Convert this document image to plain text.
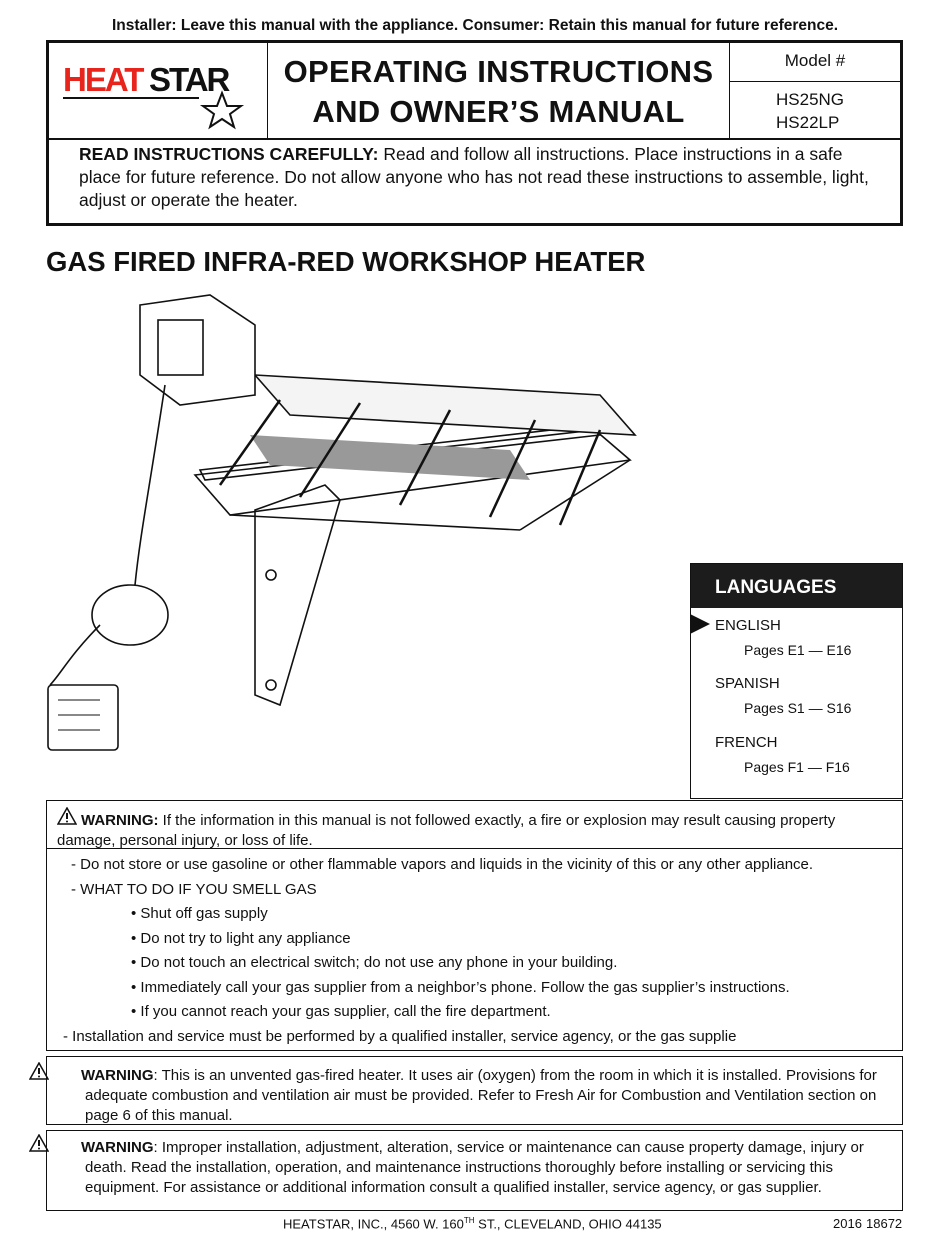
Installer: Leave this manual with the appliance. Consumer: Retain this manual for future reference.
HEAT STAR	OPERATING INSTRUCTIONS
AND OWNER’S MANUAL
Model #
HS25NG
HS22LP
READ INSTRUCTIONS CAREFULLY: Read and follow all instructions. Place instructions in a safe place for future reference. Do not allow anyone who has not read these instructions to assemble, light, adjust or operate the heater.
GAS FIRED INFRA-RED WORKSHOP HEATER
LANGUAGES
ENGLISH
Pages E1 — E16
SPANISH
Pages S1 — S16
FRENCH
Pages F1 — F16
WARNING: If the information in this manual is not followed exactly, a fire or explosion may result causing property damage, personal injury, or loss of life.
- Do not store or use gasoline or other flammable vapors and liquids in the vicinity of this or any other appliance.
- WHAT TO DO IF YOU SMELL GAS
• Shut off gas supply
• Do not try to light any appliance
• Do not touch an electrical switch; do not use any phone in your building.
• Immediately call your gas supplier from a neighbor’s phone. Follow the gas supplier’s instructions.
• If you cannot reach your gas supplier, call the fire department.
- Installation and service must be performed by a qualified installer, service agency, or the gas supplie
WARNING: This is an unvented gas-fired heater. It uses air (oxygen) from the room in which it is installed. Provisions for adequate combustion and ventilation air must be provided. Refer to Fresh Air for Combustion and Ventilation section on page 6 of this manual.
WARNING: Improper installation, adjustment, alteration, service or maintenance can cause property damage, injury or death. Read the installation, operation, and maintenance instructions thoroughly before installing or servicing this equipment. For assistance or additional information consult a qualified installer, service agency, or gas supplier.
HEATSTAR, INC., 4560 W. 160TH ST., CLEVELAND, OHIO 44135	2016 18672
